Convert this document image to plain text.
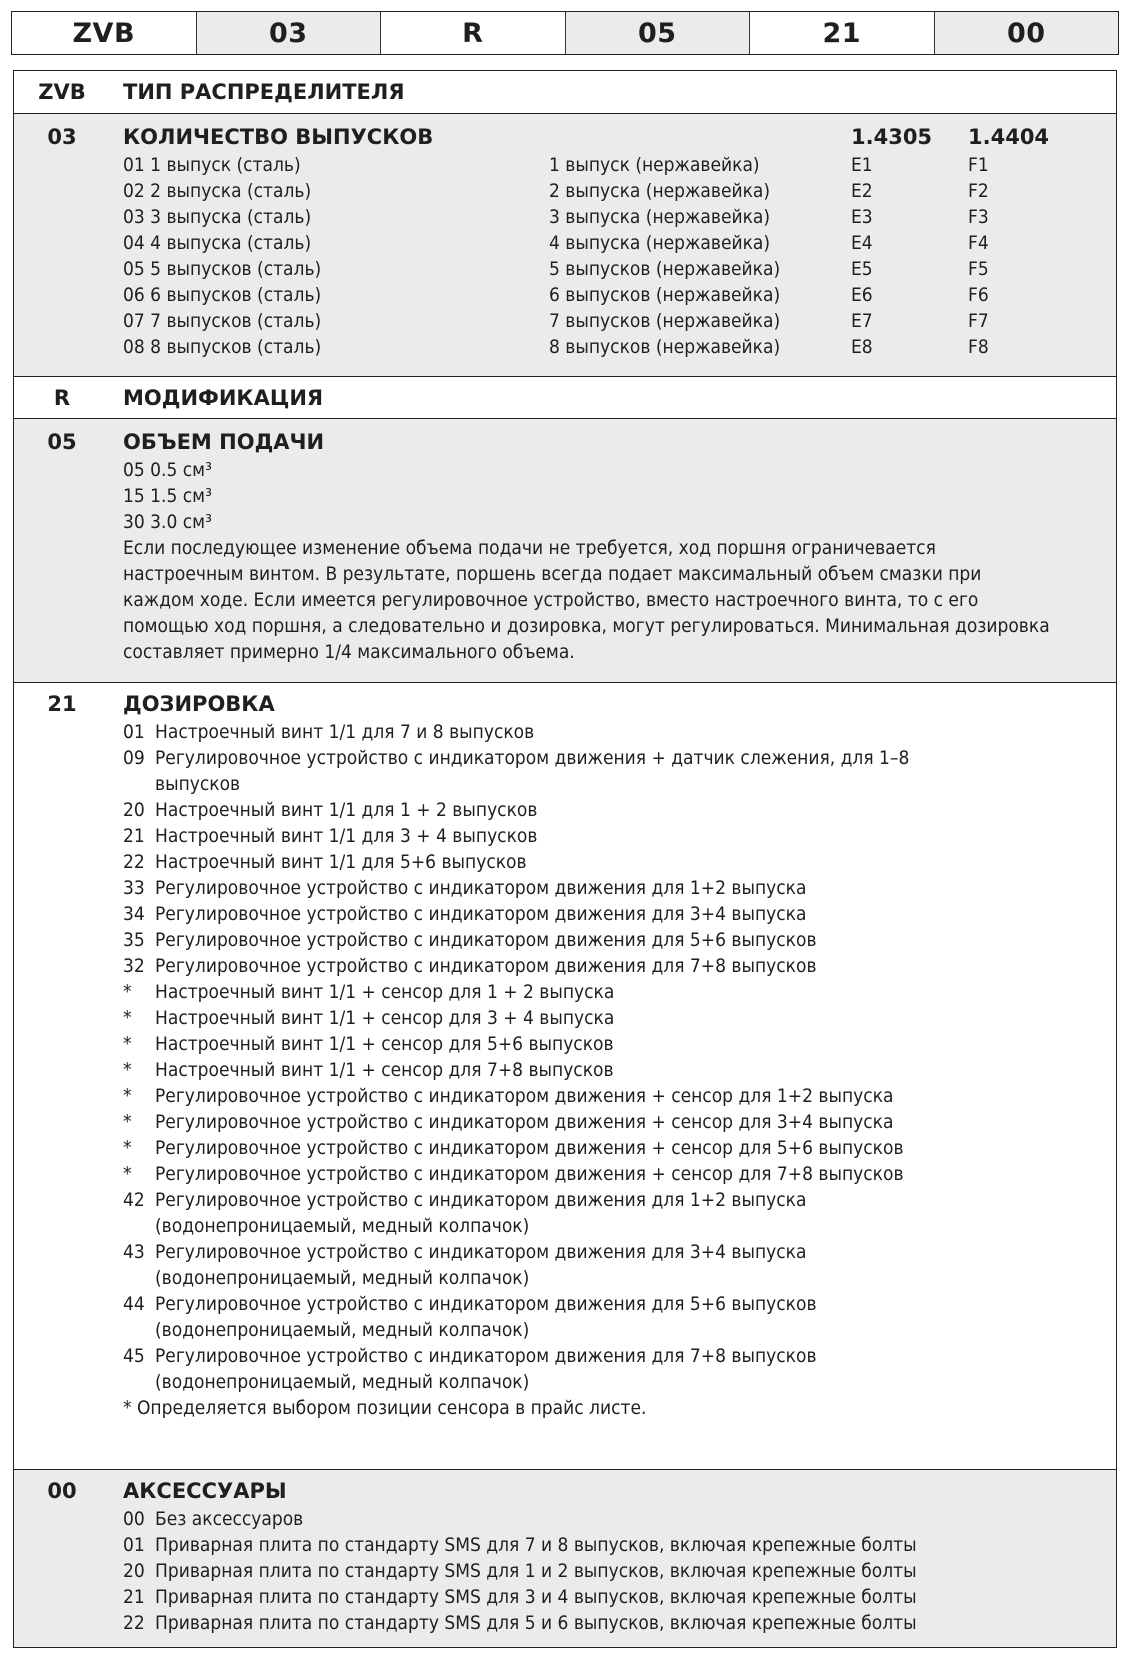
ZVB	03	R	05	21	00
ZVB	ТИП РАСПРЕДЕЛИТЕЛЯ
03	КОЛИЧЕСТВО ВЫПУСКОВ	1.4305	1.4404
01 1 выпуск (сталь)	1 выпуск (нержавейка)	E1	F1
02 2 выпуска (сталь)	2 выпуска (нержавейка)	E2	F2
03 3 выпуска (сталь)	3 выпуска (нержавейка)	E3	F3
04 4 выпуска (сталь)	4 выпуска (нержавейка)	E4	F4
05 5 выпусков (сталь)	5 выпусков (нержавейка)	E5	F5
06 6 выпусков (сталь)	6 выпусков (нержавейка)	E6	F6
07 7 выпусков (сталь)	7 выпусков (нержавейка)	E7	F7
08 8 выпусков (сталь)	8 выпусков (нержавейка)	E8	F8
R	МОДИФИКАЦИЯ
05	ОБЪЕМ ПОДАЧИ
05 0.5 см³
15 1.5 см³
30 3.0 см³
Если последующее изменение объема подачи не требуется, ход поршня ограничевается настроечным винтом. В результате, поршень всегда подает максимальный объем смазки при каждом ходе. Если имеется регулировочное устройство, вместо настроечного винта, то с его помощью ход поршня, а следовательно и дозировка, могут регулироваться. Минимальная дозировка составляет примерно 1/4 максимального объема.
21	ДОЗИРОВКА
01 Настроечный винт 1/1 для 7 и 8 выпусков
09 Регулировочное устройство с индикатором движения + датчик слежения, для 1–8
выпусков
20 Настроечный винт 1/1 для 1 + 2 выпусков
21 Настроечный винт 1/1 для 3 + 4 выпусков
22 Настроечный винт 1/1 для 5+6 выпусков
33 Регулировочное устройство с индикатором движения для 1+2 выпуска
34 Регулировочное устройство с индикатором движения для 3+4 выпуска
35 Регулировочное устройство с индикатором движения для 5+6 выпусков
32 Регулировочное устройство с индикатором движения для 7+8 выпусков
*	Настроечный винт 1/1 + сенсор для 1 + 2 выпуска
*	Настроечный винт 1/1 + сенсор для 3 + 4 выпуска
*	Настроечный винт 1/1 + сенсор для 5+6 выпусков
*	Настроечный винт 1/1 + сенсор для 7+8 выпусков
*	Регулировочное устройство с индикатором движения + сенсор для 1+2 выпуска
*	Регулировочное устройство с индикатором движения + сенсор для 3+4 выпуска
*	Регулировочное устройство с индикатором движения + сенсор для 5+6 выпусков
*	Регулировочное устройство с индикатором движения + сенсор для 7+8 выпусков
42 Регулировочное устройство с индикатором движения для 1+2 выпуска
(водонепроницаемый, медный колпачок)
43 Регулировочное устройство с индикатором движения для 3+4 выпуска
(водонепроницаемый, медный колпачок)
44 Регулировочное устройство с индикатором движения для 5+6 выпусков
(водонепроницаемый, медный колпачок)
45 Регулировочное устройство с индикатором движения для 7+8 выпусков
(водонепроницаемый, медный колпачок)
* Определяется выбором позиции сенсора в прайс листе.
00	АКСЕССУАРЫ
00 Без аксессуаров
01 Приварная плита по стандарту SMS для 7 и 8 выпусков, включая крепежные болты
20 Приварная плита по стандарту SMS для 1 и 2 выпусков, включая крепежные болты
21 Приварная плита по стандарту SMS для 3 и 4 выпусков, включая крепежные болты
22 Приварная плита по стандарту SMS для 5 и 6 выпусков, включая крепежные болты
